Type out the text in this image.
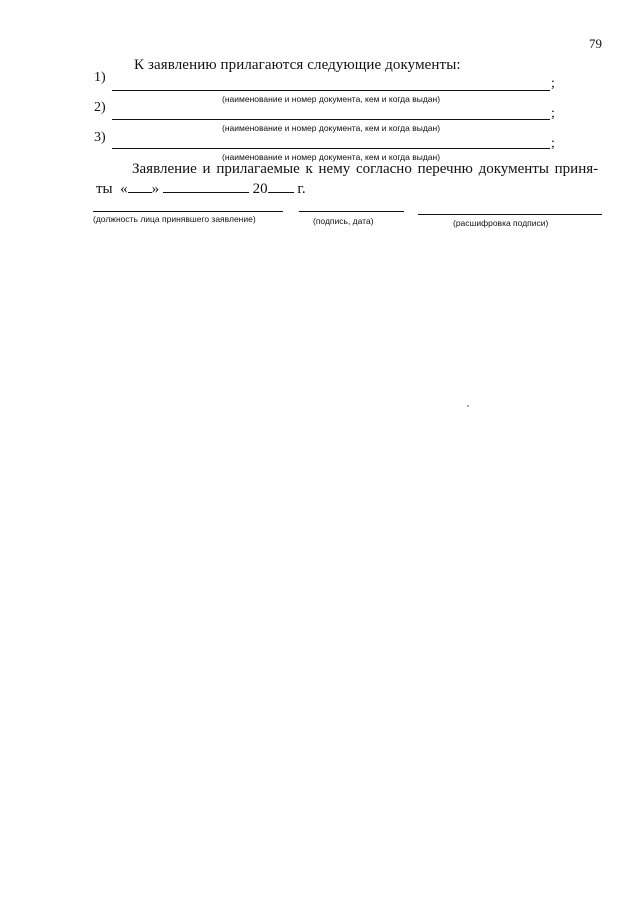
79
К заявлению прилагаются следующие документы:
1)	;
(наименование и номер документа, кем и когда выдан)
2)	;
(наименование и номер документа, кем и когда выдан)
3)	;
(наименование и номер документа, кем и когда выдан)
Заявление и прилагаемые к нему согласно перечню документы приня-
ты  « »	20 г.
(должность лица принявшего заявление)	(подпись, дата)	(расшифровка подписи)
